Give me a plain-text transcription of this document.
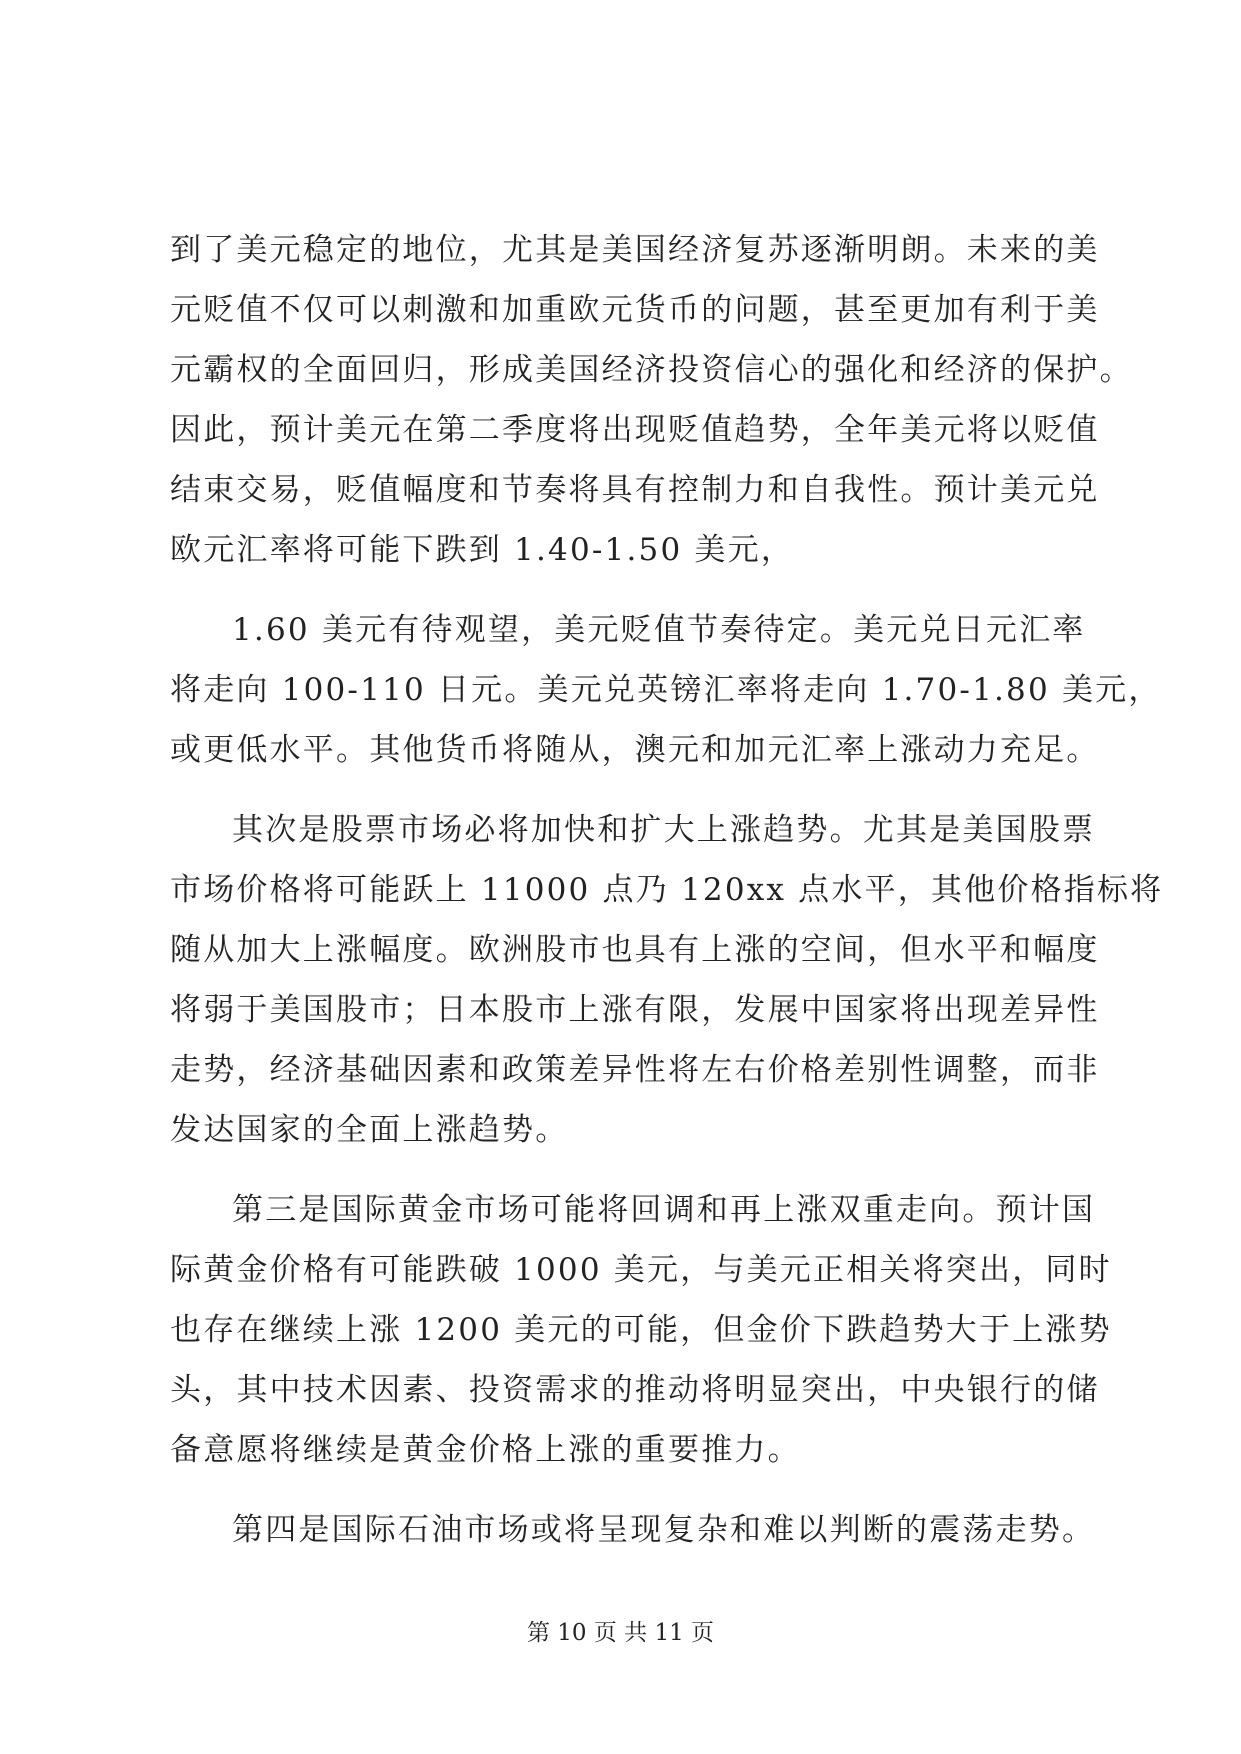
到了美元稳定的地位，尤其是美国经济复苏逐渐明朗。未来的美
元贬值不仅可以刺激和加重欧元货币的问题，甚至更加有利于美
元霸权的全面回归，形成美国经济投资信心的强化和经济的保护。
因此，预计美元在第二季度将出现贬值趋势，全年美元将以贬值
结束交易，贬值幅度和节奏将具有控制力和自我性。预计美元兑
欧元汇率将可能下跌到 1.40-1.50 美元，
1.60 美元有待观望，美元贬值节奏待定。美元兑日元汇率
将走向 100-110 日元。美元兑英镑汇率将走向 1.70-1.80 美元，
或更低水平。其他货币将随从，澳元和加元汇率上涨动力充足。
其次是股票市场必将加快和扩大上涨趋势。尤其是美国股票
市场价格将可能跃上 11000 点乃 120xx 点水平，其他价格指标将
随从加大上涨幅度。欧洲股市也具有上涨的空间，但水平和幅度
将弱于美国股市；日本股市上涨有限，发展中国家将出现差异性
走势，经济基础因素和政策差异性将左右价格差别性调整，而非
发达国家的全面上涨趋势。
第三是国际黄金市场可能将回调和再上涨双重走向。预计国
际黄金价格有可能跌破 1000 美元，与美元正相关将突出，同时
也存在继续上涨 1200 美元的可能，但金价下跌趋势大于上涨势
头，其中技术因素、投资需求的推动将明显突出，中央银行的储
备意愿将继续是黄金价格上涨的重要推力。
第四是国际石油市场或将呈现复杂和难以判断的震荡走势。
第 10 页 共 11 页
